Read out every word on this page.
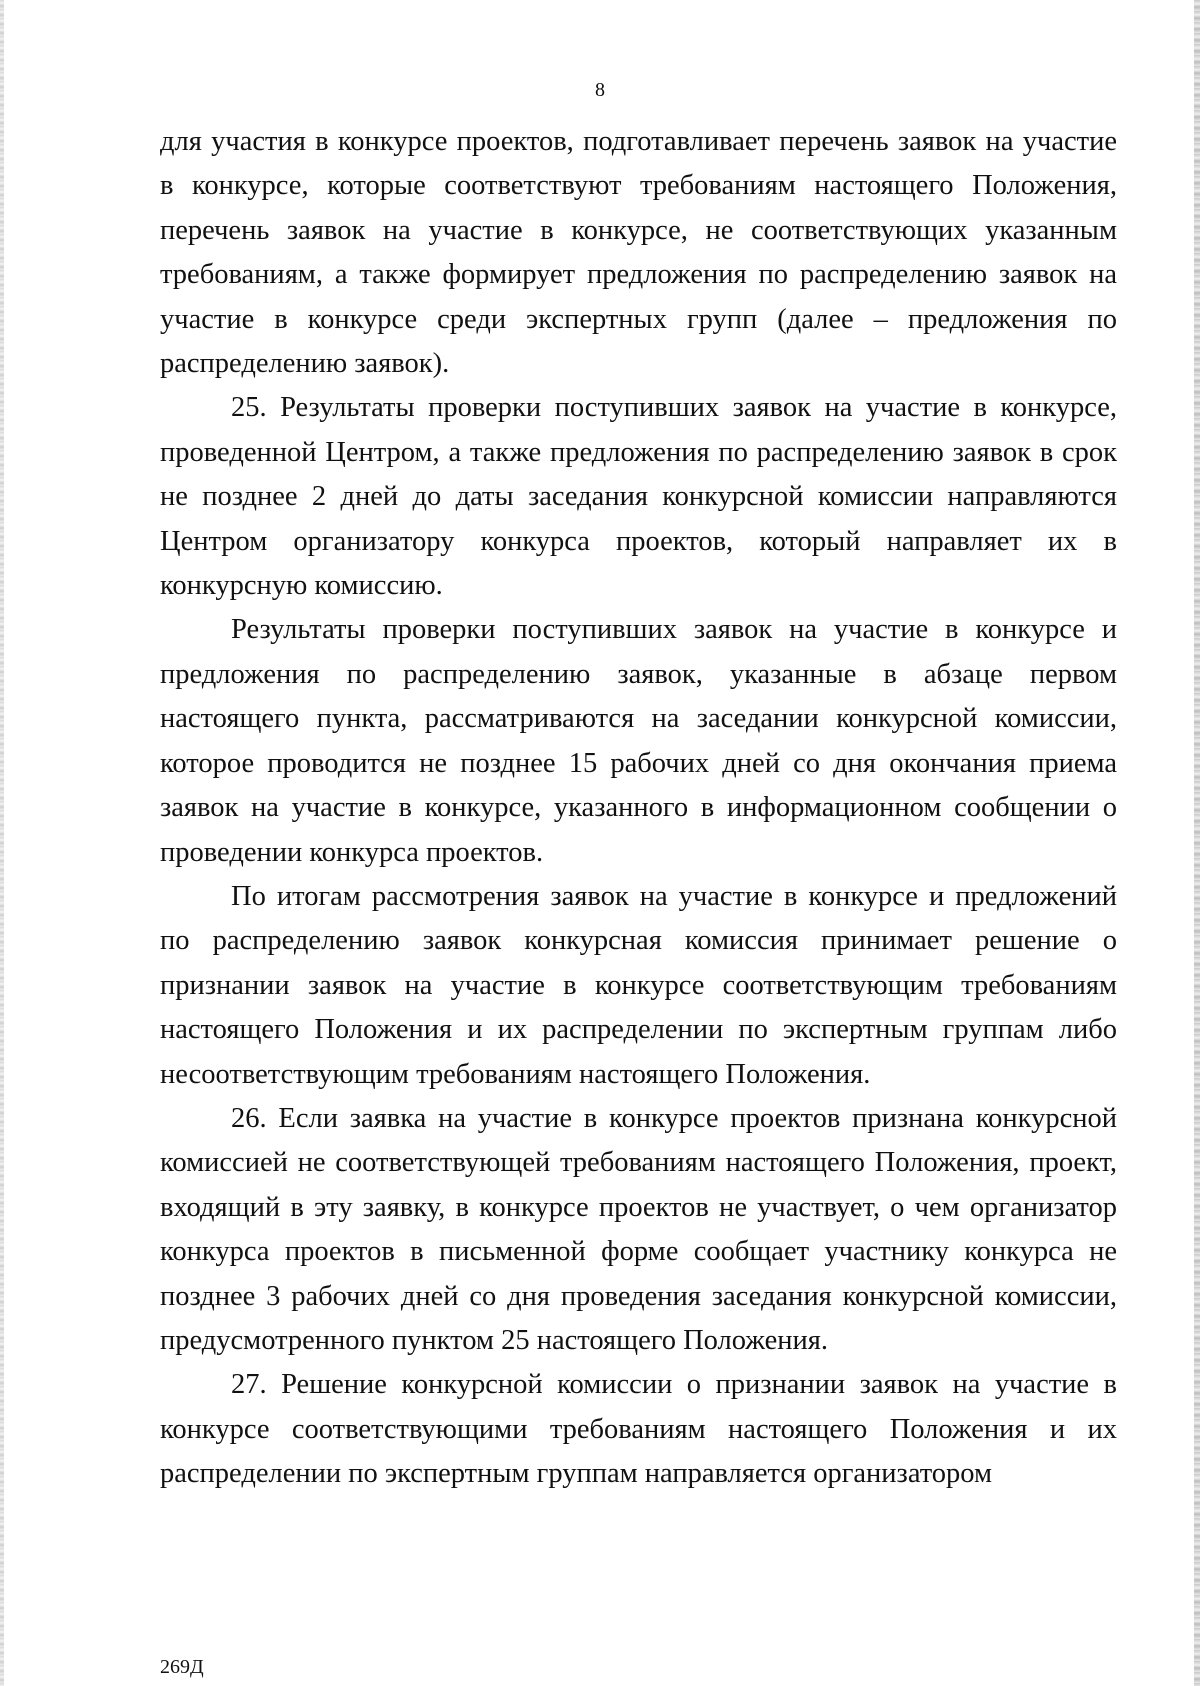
8

для участия в конкурсе проектов, подготавливает перечень заявок на участие в конкурсе, которые соответствуют требованиям настоящего Положения, перечень заявок на участие в конкурсе, не соответствующих указанным требованиям, а также формирует предложения по распределению заявок на участие в конкурсе среди экспертных групп (далее – предложения по распределению заявок).

25. Результаты проверки поступивших заявок на участие в конкурсе, проведенной Центром, а также предложения по распределению заявок в срок не позднее 2 дней до даты заседания конкурсной комиссии направляются Центром организатору конкурса проектов, который направляет их в конкурсную комиссию.

Результаты проверки поступивших заявок на участие в конкурсе и предложения по распределению заявок, указанные в абзаце первом настоящего пункта, рассматриваются на заседании конкурсной комиссии, которое проводится не позднее 15 рабочих дней со дня окончания приема заявок на участие в конкурсе, указанного в информационном сообщении о проведении конкурса проектов.

По итогам рассмотрения заявок на участие в конкурсе и предложений по распределению заявок конкурсная комиссия принимает решение о признании заявок на участие в конкурсе соответствующим требованиям настоящего Положения и их распределении по экспертным группам либо несоответствующим требованиям настоящего Положения.

26. Если заявка на участие в конкурсе проектов признана конкурсной комиссией не соответствующей требованиям настоящего Положения, проект, входящий в эту заявку, в конкурсе проектов не участвует, о чем организатор конкурса проектов в письменной форме сообщает участнику конкурса не позднее 3 рабочих дней со дня проведения заседания конкурсной комиссии, предусмотренного пунктом 25 настоящего Положения.

27. Решение конкурсной комиссии о признании заявок на участие в конкурсе соответствующими требованиям настоящего Положения и их распределении по экспертным группам направляется организатором

269Д
